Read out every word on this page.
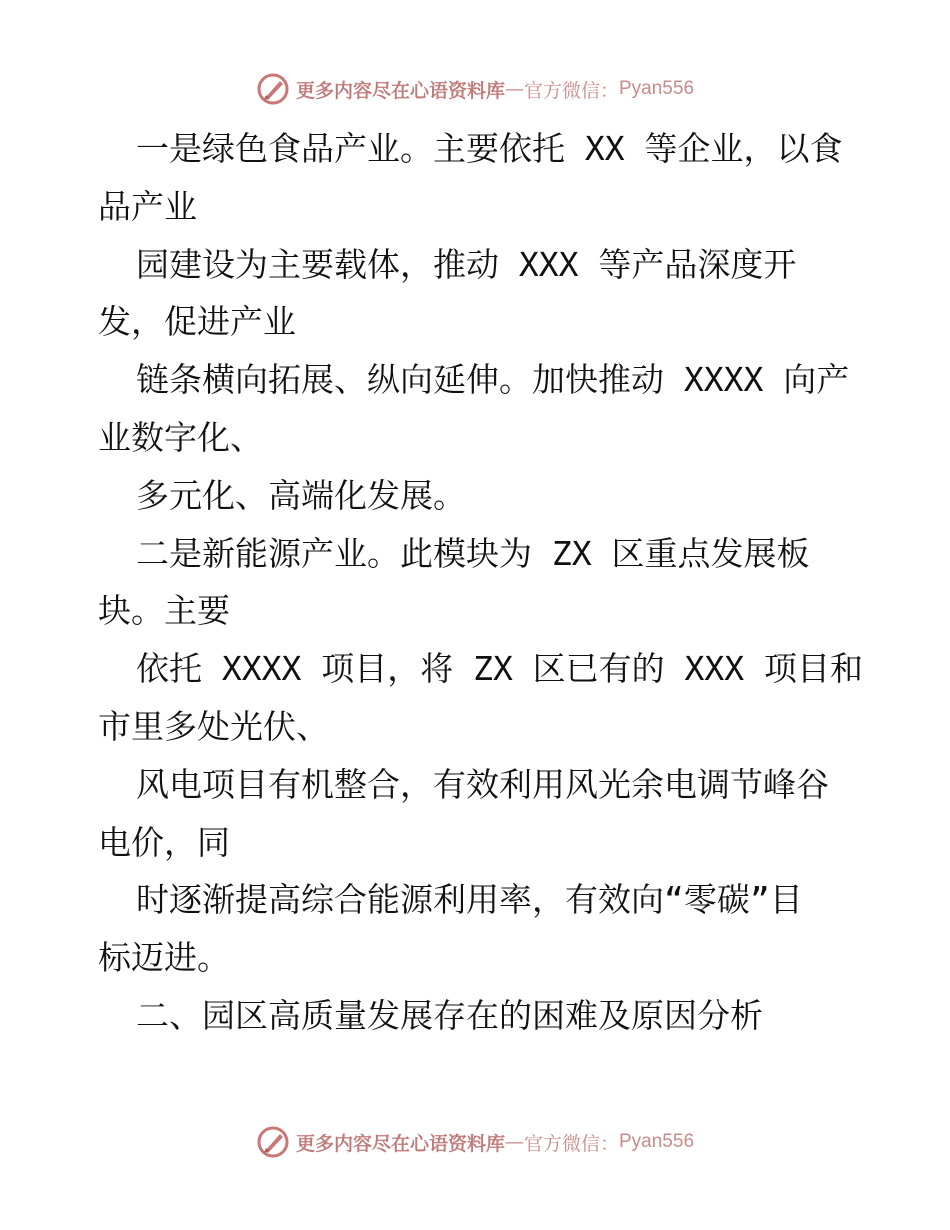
更多内容尽在心语资料库 — 官方微信： Pyan556
一是绿色食品产业。主要依托 XX 等企业，以食
品产业
园建设为主要载体，推动 XXX 等产品深度开
发，促进产业
链条横向拓展、纵向延伸。加快推动 XXXX 向产
业数字化、
多元化、高端化发展。
二是新能源产业。此模块为 ZX 区重点发展板
块。主要
依托 XXXX 项目，将 ZX 区已有的 XXX 项目和
市里多处光伏、
风电项目有机整合，有效利用风光余电调节峰谷
电价，同
时逐渐提高综合能源利用率，有效向“零碳”目
标迈进。
二、园区高质量发展存在的困难及原因分析
更多内容尽在心语资料库 — 官方微信： Pyan556
